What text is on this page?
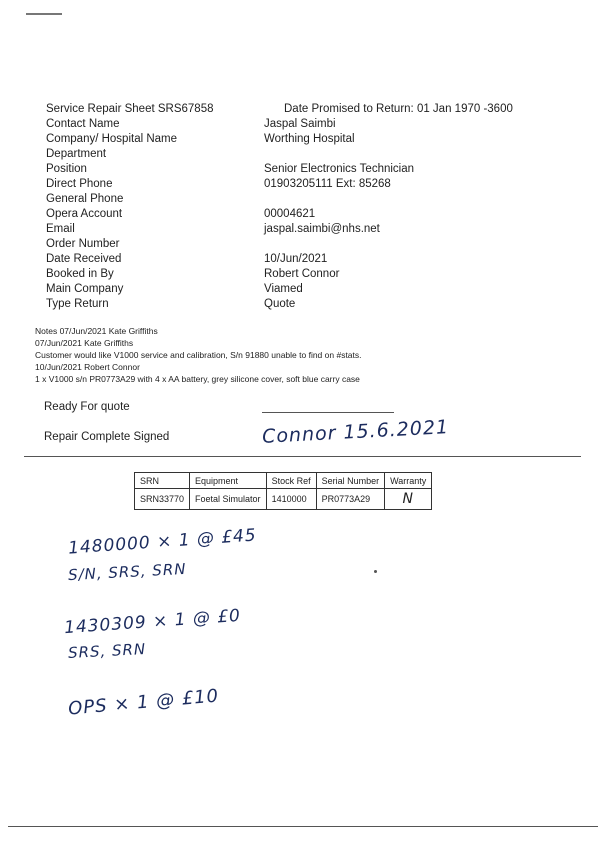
Service Repair Sheet SRS67858	Date Promised to Return: 01 Jan 1970 -3600
Contact Name	Jaspal Saimbi
Company/ Hospital Name	Worthing Hospital
Department
Position	Senior Electronics Technician
Direct Phone	01903205111 Ext: 85268
General Phone
Opera Account	00004621
Email	jaspal.saimbi@nhs.net
Order Number
Date Received	10/Jun/2021
Booked in By	Robert Connor
Main Company	Viamed
Type Return	Quote
Notes 07/Jun/2021 Kate Griffiths
07/Jun/2021 Kate Griffiths
Customer would like V1000 service and calibration, S/n 91880 unable to find on #stats.
10/Jun/2021 Robert Connor
1 x V1000 s/n PR0773A29 with 4 x AA battery, grey silicone cover, soft blue carry case
Ready For quote
Repair Complete Signed	Connor 15.6.2021
SRN	Equipment	Stock Ref	Serial Number	Warranty
SRN33770	Foetal Simulator	1410000	PR0773A29	N
1480000 × 1 @ £45
S/N, SRS, SRN
1430309 × 1 @ £0
SRS, SRN
OPS × 1 @ £10
